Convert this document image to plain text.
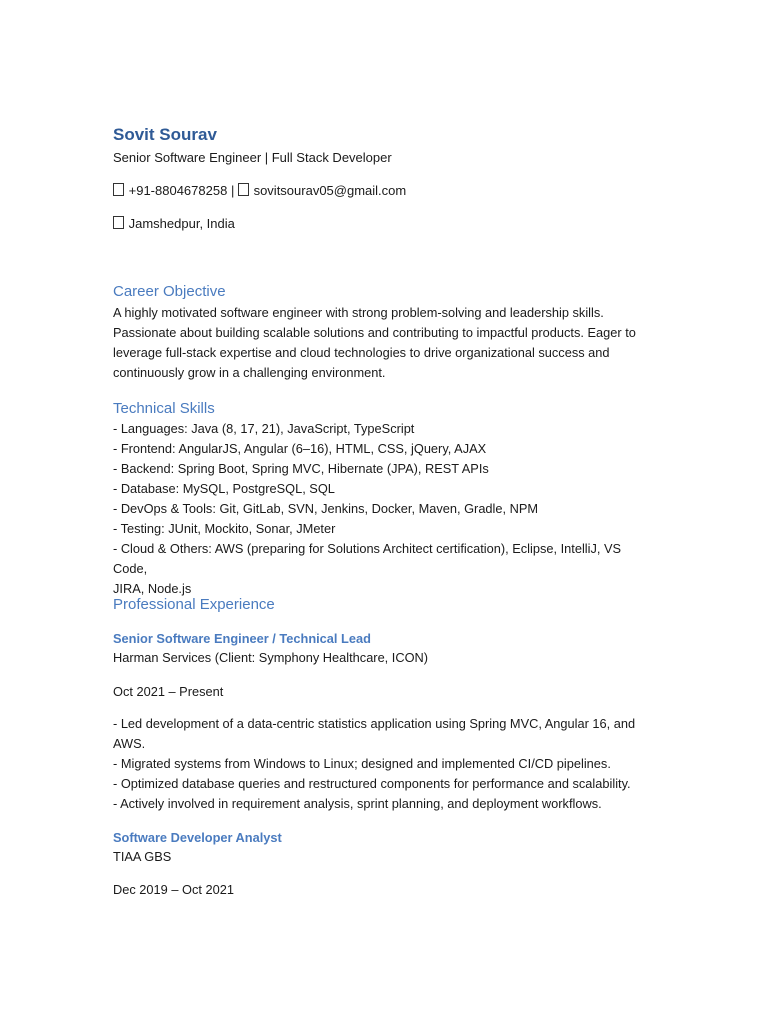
Sovit Sourav
Senior Software Engineer | Full Stack Developer
+91-8804678258 | sovitsourav05@gmail.com
Jamshedpur, India
Career Objective
A highly motivated software engineer with strong problem-solving and leadership skills.
Passionate about building scalable solutions and contributing to impactful products. Eager to
leverage full-stack expertise and cloud technologies to drive organizational success and
continuously grow in a challenging environment.
Technical Skills
- Languages: Java (8, 17, 21), JavaScript, TypeScript
- Frontend: AngularJS, Angular (6–16), HTML, CSS, jQuery, AJAX
- Backend: Spring Boot, Spring MVC, Hibernate (JPA), REST APIs
- Database: MySQL, PostgreSQL, SQL
- DevOps & Tools: Git, GitLab, SVN, Jenkins, Docker, Maven, Gradle, NPM
- Testing: JUnit, Mockito, Sonar, JMeter
- Cloud & Others: AWS (preparing for Solutions Architect certification), Eclipse, IntelliJ, VS Code,
JIRA, Node.js
Professional Experience
Senior Software Engineer / Technical Lead
Harman Services (Client: Symphony Healthcare, ICON)
Oct 2021 – Present
- Led development of a data-centric statistics application using Spring MVC, Angular 16, and
AWS.
- Migrated systems from Windows to Linux; designed and implemented CI/CD pipelines.
- Optimized database queries and restructured components for performance and scalability.
- Actively involved in requirement analysis, sprint planning, and deployment workflows.
Software Developer Analyst
TIAA GBS
Dec 2019 – Oct 2021
